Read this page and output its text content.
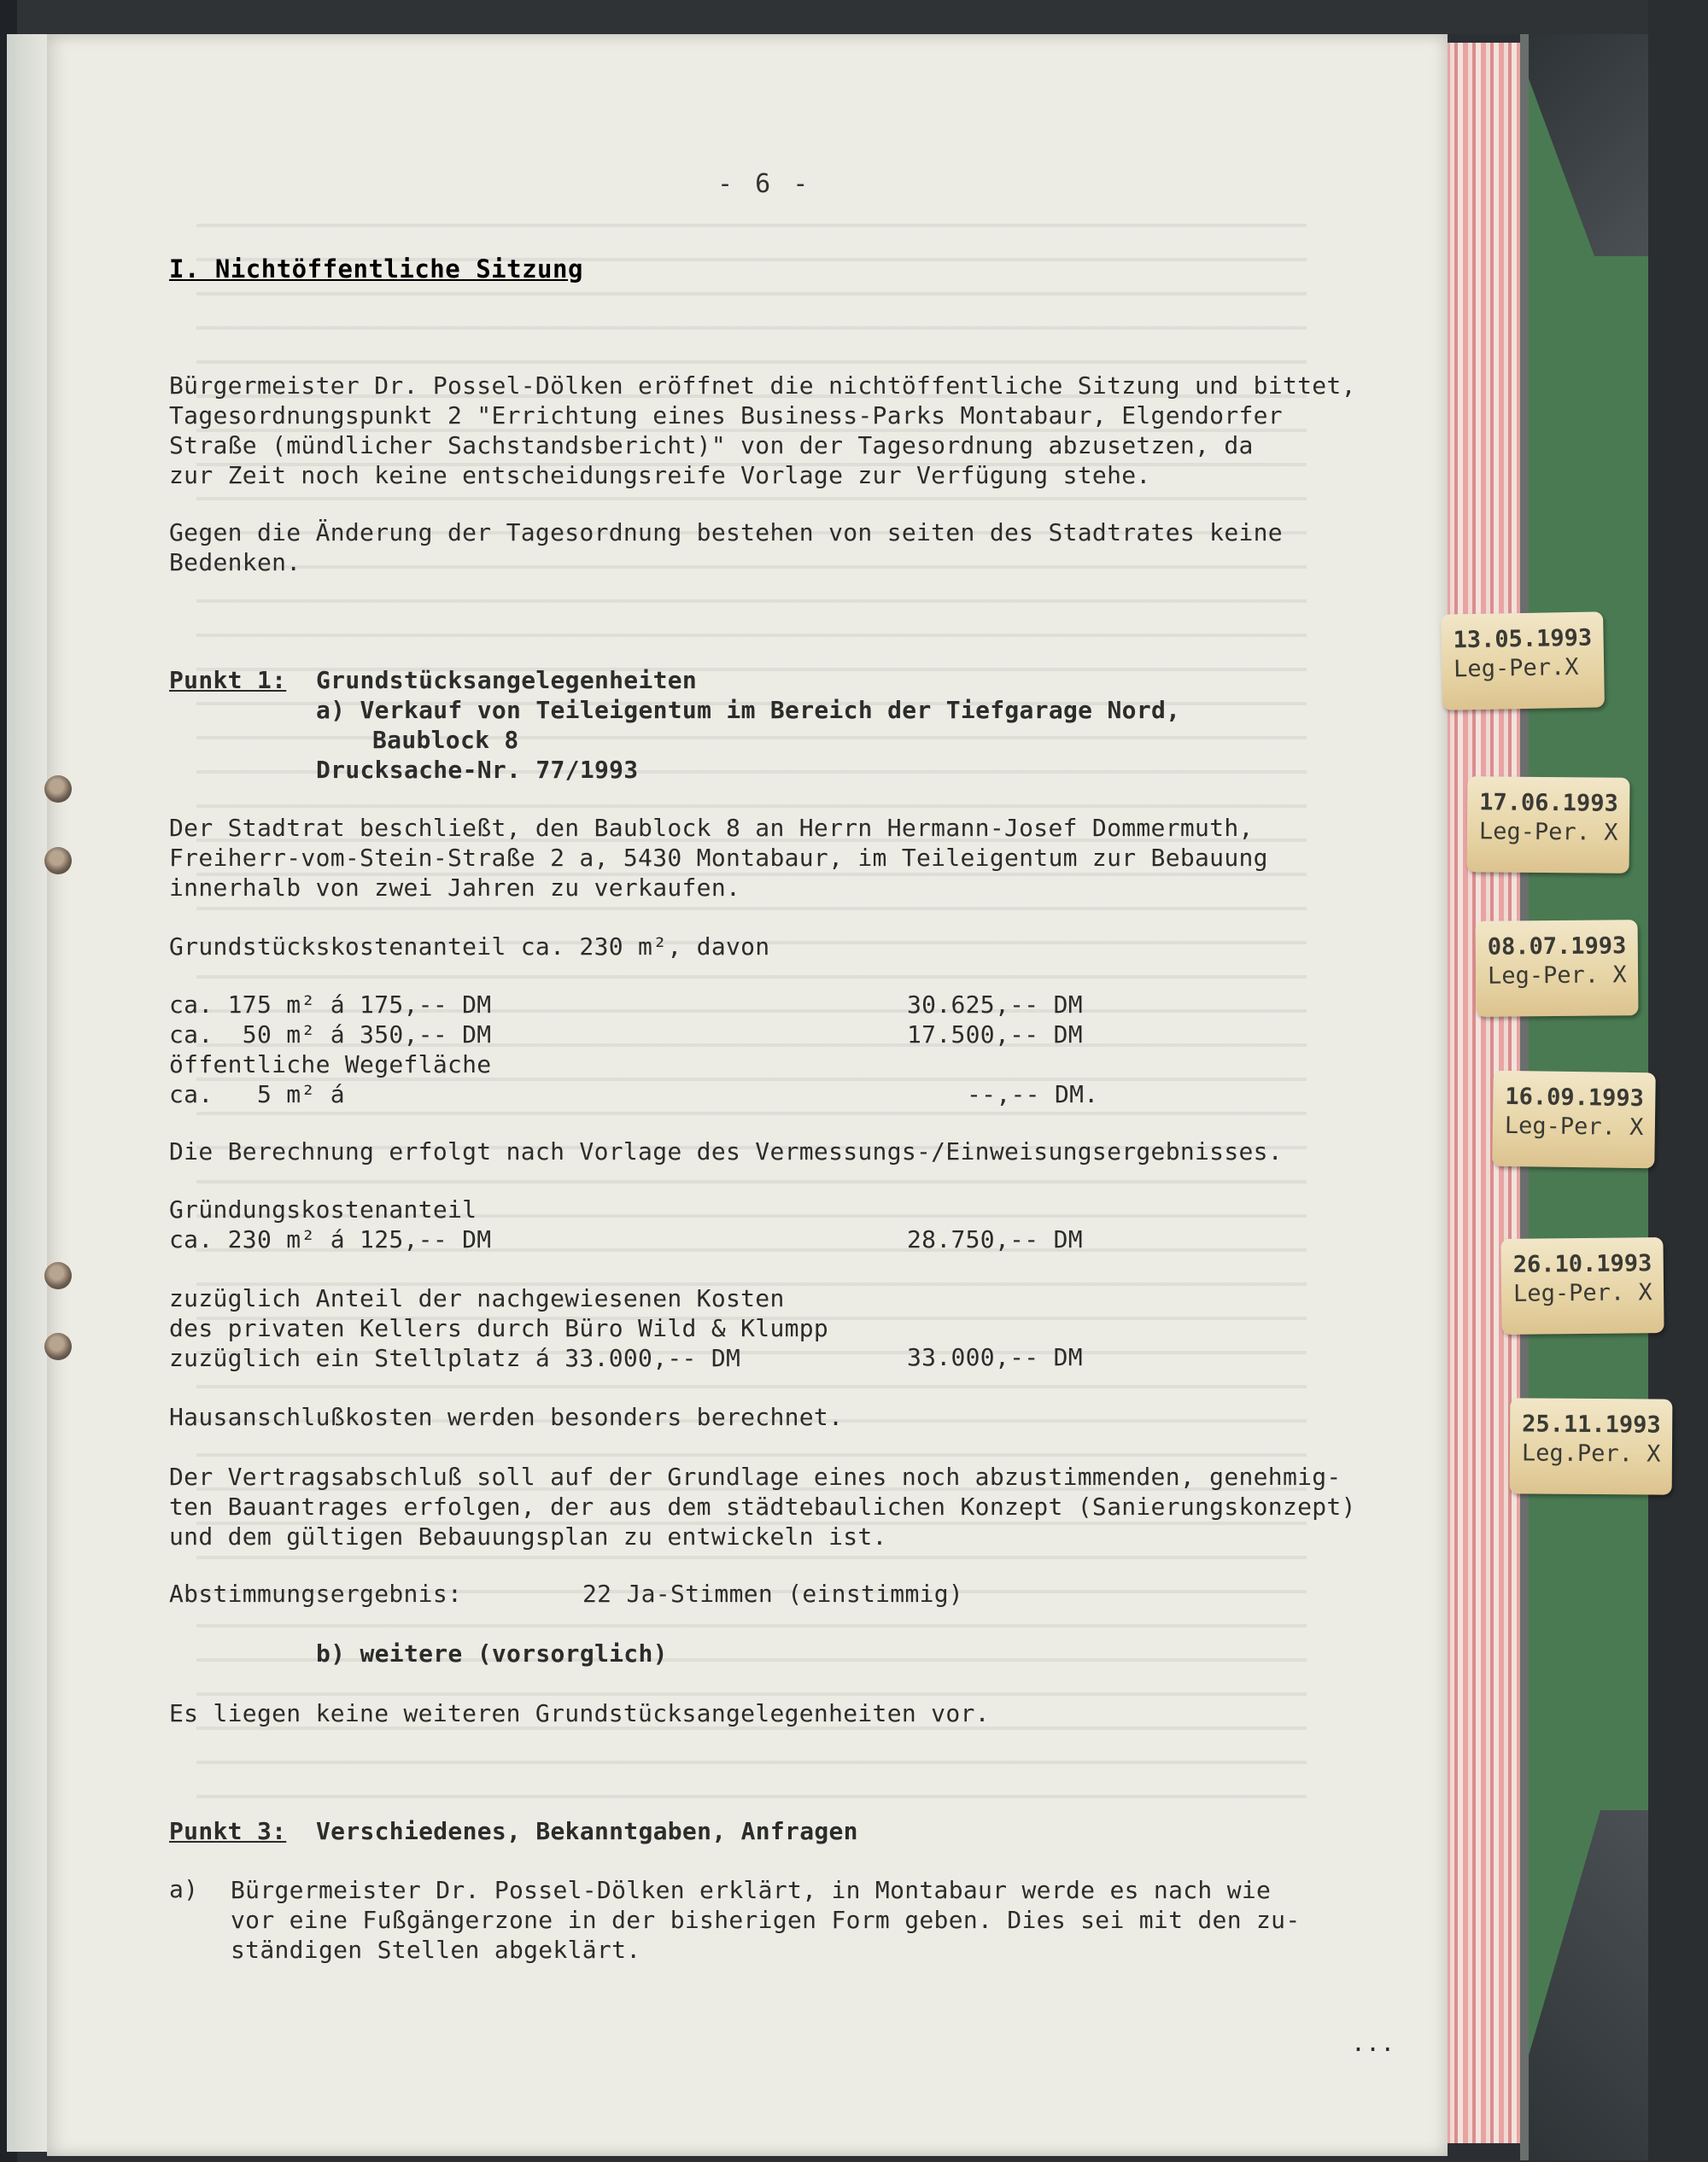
- 6 -
I. Nichtöffentliche Sitzung
Bürgermeister Dr. Possel-Dölken eröffnet die nichtöffentliche Sitzung und bittet,
Tagesordnungspunkt 2 "Errichtung eines Business-Parks Montabaur, Elgendorfer
Straße (mündlicher Sachstandsbericht)" von der Tagesordnung abzusetzen, da
zur Zeit noch keine entscheidungsreife Vorlage zur Verfügung stehe.
Gegen die Änderung der Tagesordnung bestehen von seiten des Stadtrates keine
Bedenken.
Punkt 1: Grundstücksangelegenheiten
a) Verkauf von Teileigentum im Bereich der Tiefgarage Nord,
Baublock 8
Drucksache-Nr. 77/1993
Der Stadtrat beschließt, den Baublock 8 an Herrn Hermann-Josef Dommermuth,
Freiherr-vom-Stein-Straße 2 a, 5430 Montabaur, im Teileigentum zur Bebauung
innerhalb von zwei Jahren zu verkaufen.
Grundstückskostenanteil ca. 230 m², davon
ca. 175 m² á 175,-- DM	30.625,-- DM
ca.  50 m² á 350,-- DM	17.500,-- DM
öffentliche Wegefläche
ca.   5 m² á	--,-- DM.
Die Berechnung erfolgt nach Vorlage des Vermessungs-/Einweisungsergebnisses.
Gründungskostenanteil
ca. 230 m² á 125,-- DM	28.750,-- DM
zuzüglich Anteil der nachgewiesenen Kosten
des privaten Kellers durch Büro Wild & Klumpp
zuzüglich ein Stellplatz á 33.000,-- DM	33.000,-- DM
Hausanschlußkosten werden besonders berechnet.
Der Vertragsabschluß soll auf der Grundlage eines noch abzustimmenden, genehmig-
ten Bauantrages erfolgen, der aus dem städtebaulichen Konzept (Sanierungskonzept)
und dem gültigen Bebauungsplan zu entwickeln ist.
Abstimmungsergebnis:	22 Ja-Stimmen (einstimmig)
b) weitere (vorsorglich)
Es liegen keine weiteren Grundstücksangelegenheiten vor.
Punkt 3: Verschiedenes, Bekanntgaben, Anfragen
a) Bürgermeister Dr. Possel-Dölken erklärt, in Montabaur werde es nach wie
vor eine Fußgängerzone in der bisherigen Form geben. Dies sei mit den zu-
ständigen Stellen abgeklärt.
...
13.05.1993
Leg-Per.X
17.06.1993
Leg-Per. X
08.07.1993
Leg-Per. X
16.09.1993
Leg-Per. X
26.10.1993
Leg-Per. X
25.11.1993
Leg.Per. X
